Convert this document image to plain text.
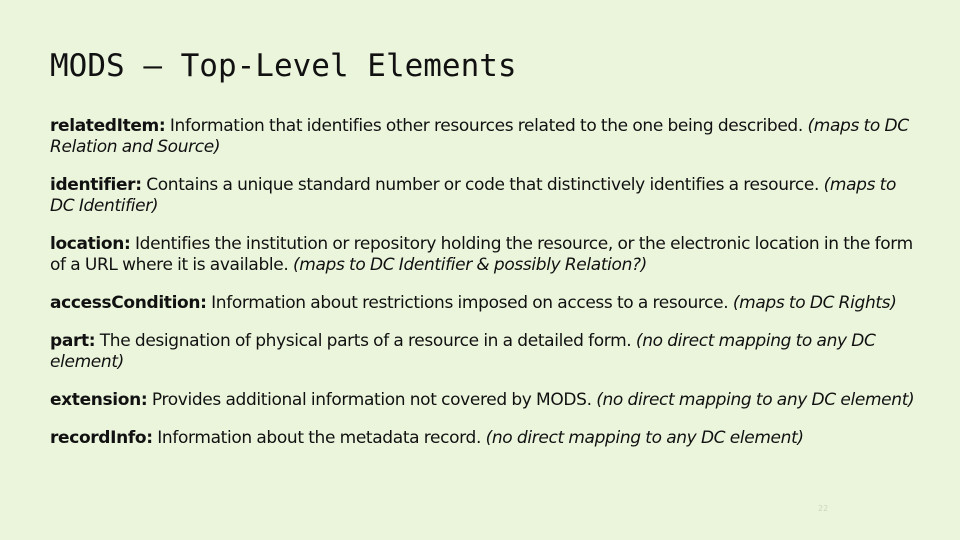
MODS – Top-Level Elements

relatedItem: Information that identifies other resources related to the one being described. (maps to DC Relation and Source)

identifier: Contains a unique standard number or code that distinctively identifies a resource. (maps to DC Identifier)

location: Identifies the institution or repository holding the resource, or the electronic location in the form of a URL where it is available. (maps to DC Identifier & possibly Relation?)

accessCondition: Information about restrictions imposed on access to a resource. (maps to DC Rights)

part: The designation of physical parts of a resource in a detailed form. (no direct mapping to any DC element)

extension: Provides additional information not covered by MODS. (no direct mapping to any DC element)

recordInfo: Information about the metadata record. (no direct mapping to any DC element)

22
